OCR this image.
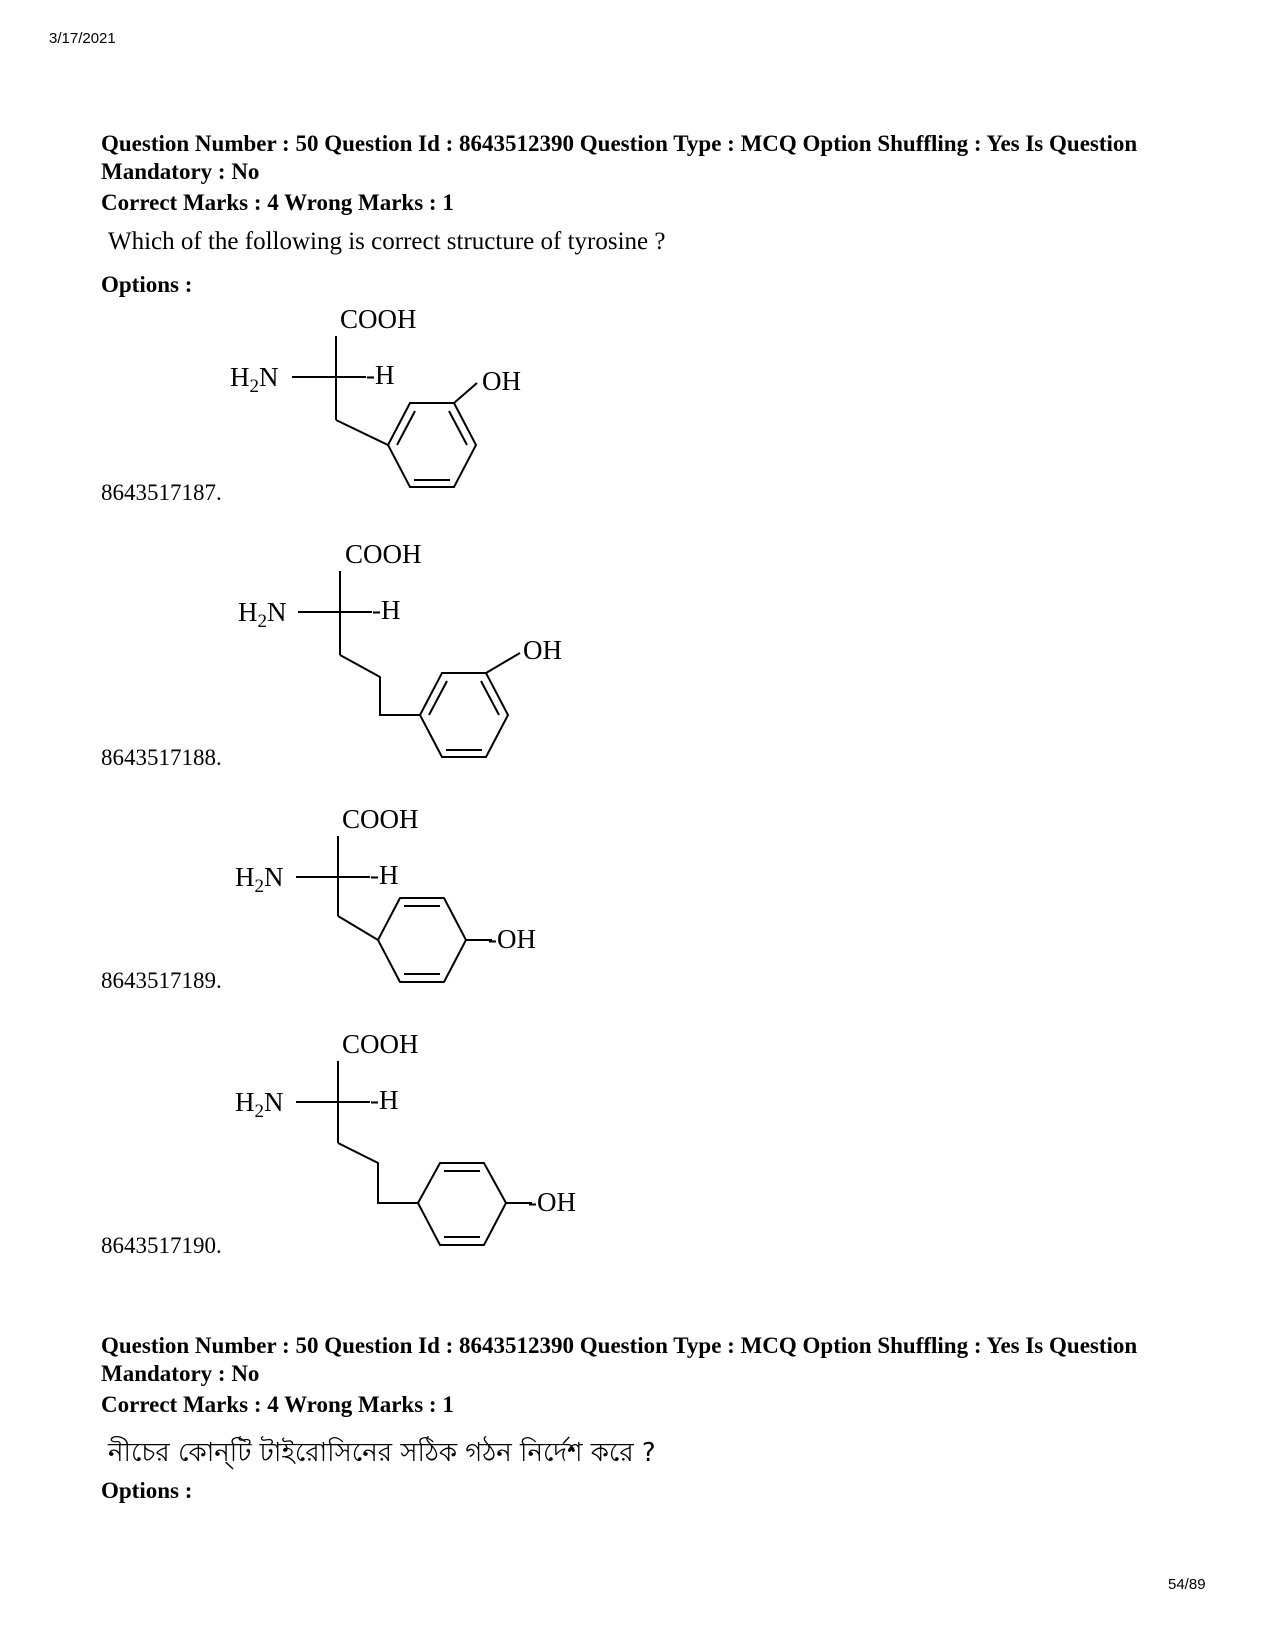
3/17/2021
Question Number : 50 Question Id : 8643512390 Question Type : MCQ Option Shuffling : Yes Is Question Mandatory : No
Correct Marks : 4 Wrong Marks : 1
Which of the following is correct structure of tyrosine ?
Options :
COOH
$H_2N$	-H	OH
8643517187.
COOH
$H_2N$	-H
OH
8643517188.
COOH
$H_2N$	-H
-OH
8643517189.
COOH
$H_2N$	-H
-OH
8643517190.
Question Number : 50 Question Id : 8643512390 Question Type : MCQ Option Shuffling : Yes Is Question Mandatory : No
Correct Marks : 4 Wrong Marks : 1
নীচের কোন্‌টি টাইরোসিনের সঠিক গঠন নির্দেশ করে ?
Options :
54/89
